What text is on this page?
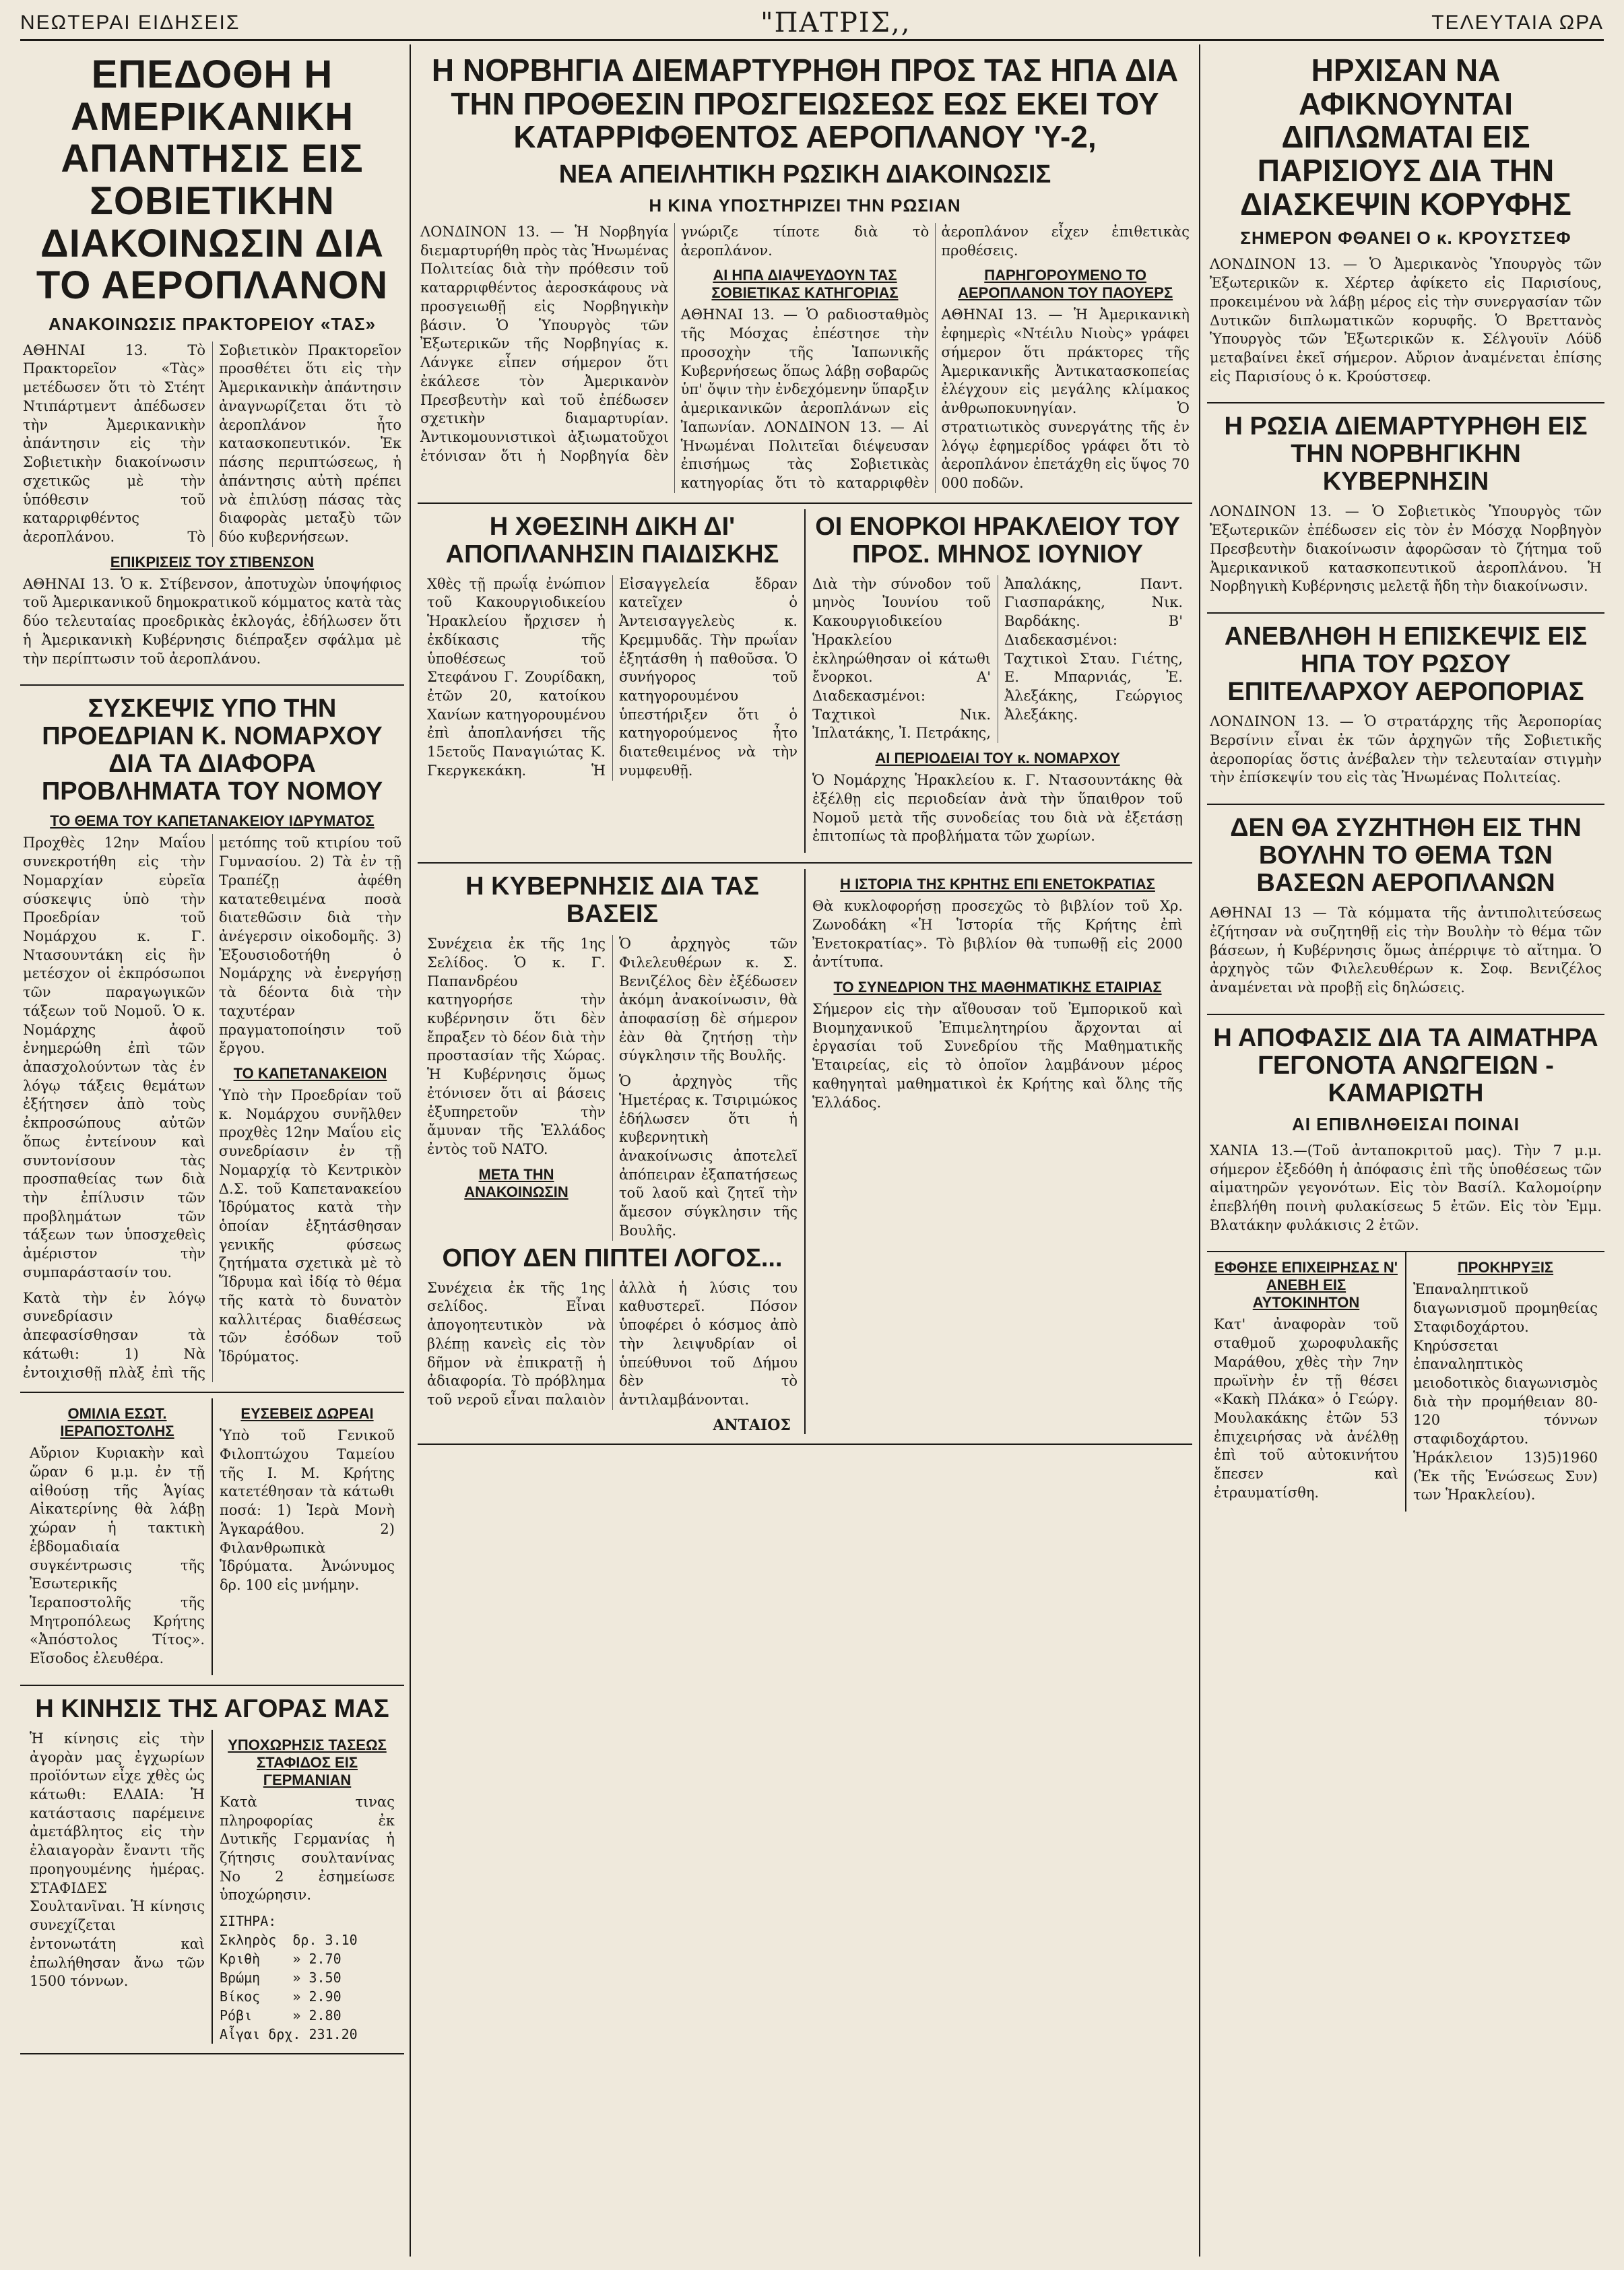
ΝΕΩΤΕΡΑΙ ΕΙΔΗΣΕΙΣ	"ΠΑΤΡΙΣ,,	ΤΕΛΕΥΤΑΙΑ ΩΡΑ
ΕΠΕΔΟΘΗ Η ΑΜΕΡΙΚΑΝΙΚΗ ΑΠΑΝΤΗΣΙΣ ΕΙΣ ΣΟΒΙΕΤΙΚΗΝ ΔΙΑΚΟΙΝΩΣΙΝ ΔΙΑ ΤΟ ΑΕΡΟΠΛΑΝΟΝ
ΑΝΑΚΟΙΝΩΣΙΣ ΠΡΑΚΤΟΡΕΙΟΥ «ΤΑΣ»

ΑΘΗΝΑΙ 13. Τὸ Πρακτορεῖον «Τὰς» μετέδωσεν ὅτι τὸ Στέητ Ντιπάρτμεντ ἀπέδωσεν τὴν Ἀμερικανικὴν ἀπάντησιν εἰς τὴν Σοβιετικὴν διακοίνωσιν σχετικῶς μὲ τὴν ὑπόθεσιν τοῦ καταρριφθέντος ἀεροπλάνου. Τὸ Σοβιετικὸν Πρακτορεῖον προσθέτει ὅτι εἰς τὴν Ἀμερικανικὴν ἀπάντησιν ἀναγνωρίζεται ὅτι τὸ ἀεροπλάνον ἦτο κατασκοπευτικόν. Ἐκ πάσης περιπτώσεως, ἡ ἀπάντησις αὐτὴ πρέπει νὰ ἐπιλύσῃ πάσας τὰς διαφορὰς μεταξὺ τῶν δύο κυβερνήσεων.

ΕΠΙΚΡΙΣΕΙΣ ΤΟΥ ΣΤΙΒΕΝΣΟΝ

ΑΘΗΝΑΙ 13. Ὁ κ. Στίβενσον, ἀποτυχὼν ὑποψήφιος τοῦ Ἀμερικανικοῦ δημοκρατικοῦ κόμματος κατὰ τὰς δύο τελευταίας προεδρικὰς ἐκλογάς, ἐδήλωσεν ὅτι ἡ Ἀμερικανικὴ Κυβέρνησις διέπραξεν σφάλμα μὲ τὴν περίπτωσιν τοῦ ἀεροπλάνου.

ΣΥΣΚΕΨΙΣ ΥΠΟ ΤΗΝ ΠΡΟΕΔΡΙΑΝ Κ. ΝΟΜΑΡΧΟΥ ΔΙΑ ΤΑ ΔΙΑΦΟΡΑ ΠΡΟΒΛΗΜΑΤΑ ΤΟΥ ΝΟΜΟΥ
ΤΟ ΘΕΜΑ ΤΟΥ ΚΑΠΕΤΑΝΑΚΕΙΟΥ ΙΔΡΥΜΑΤΟΣ

Προχθὲς 12ην Μαΐου συνεκροτήθη εἰς τὴν Νομαρχίαν εὐρεῖα σύσκεψις ὑπὸ τὴν Προεδρίαν τοῦ Νομάρχου κ. Γ. Ντασουντάκη εἰς ἣν μετέσχον οἱ ἐκπρόσωποι τῶν παραγωγικῶν τάξεων τοῦ Νομοῦ. Ὁ κ. Νομάρχης ἀφοῦ ἐνημερώθη ἐπὶ τῶν ἀπασχολούντων τὰς ἐν λόγῳ τάξεις θεμάτων ἐξήτησεν ἀπὸ τοὺς ἐκπροσώπους αὐτῶν ὅπως ἐντείνουν καὶ συντονίσουν τὰς προσπαθείας των διὰ τὴν ἐπίλυσιν τῶν προβλημάτων τῶν τάξεων των ὑποσχεθεὶς ἀμέριστον τὴν συμπαράστασίν του.

Κατὰ τὴν ἐν λόγῳ συνεδρίασιν ἀπεφασίσθησαν τὰ κάτωθι: 1) Νὰ ἐντοιχισθῇ πλὰξ ἐπὶ τῆς μετόπης τοῦ κτιρίου τοῦ Γυμνασίου. 2) Τὰ ἐν τῇ Τραπέζῃ ἀφέθη κατατεθειμένα ποσὰ διατεθῶσιν διὰ τὴν ἀνέγερσιν οἰκοδομῆς. 3) Ἐξουσιοδοτήθη ὁ Νομάρχης νὰ ἐνεργήσῃ τὰ δέοντα διὰ τὴν ταχυτέραν πραγματοποίησιν τοῦ ἔργου.

ΤΟ ΚΑΠΕΤΑΝΑΚΕΙΟΝ

Ὑπὸ τὴν Προεδρίαν τοῦ κ. Νομάρχου συνῆλθεν προχθὲς 12ην Μαΐου εἰς συνεδρίασιν ἐν τῇ Νομαρχίᾳ τὸ Κεντρικὸν Δ.Σ. τοῦ Καπετανακείου Ἱδρύματος κατὰ τὴν ὁποίαν ἐξητάσθησαν γενικῆς φύσεως ζητήματα σχετικὰ μὲ τὸ Ἵδρυμα καὶ ἰδίᾳ τὸ θέμα τῆς κατὰ τὸ δυνατὸν καλλιτέρας διαθέσεως τῶν ἐσόδων τοῦ Ἱδρύματος.

ΟΜΙΛΙΑ ΕΣΩΤ. ΙΕΡΑΠΟΣΤΟΛΗΣ

Αὔριον Κυριακὴν καὶ ὥραν 6 μ.μ. ἐν τῇ αἰθούσῃ τῆς Ἁγίας Αἰκατερίνης θὰ λάβῃ χώραν ἡ τακτικὴ ἑβδομαδιαία συγκέντρωσις τῆς Ἐσωτερικῆς Ἱεραποστολῆς τῆς Μητροπόλεως Κρήτης «Ἀπόστολος Τίτος». Εἴσοδος ἐλευθέρα.

ΕΥΣΕΒΕΙΣ ΔΩΡΕΑΙ

Ὑπὸ τοῦ Γενικοῦ Φιλοπτώχου Ταμείου τῆς Ι. Μ. Κρήτης κατετέθησαν τὰ κάτωθι ποσά: 1) Ἱερὰ Μονὴ Ἁγκαράθου. 2) Φιλανθρωπικὰ Ἱδρύματα. Ἀνώνυμος δρ. 100 εἰς μνήμην.

Η ΚΙΝΗΣΙΣ ΤΗΣ ΑΓΟΡΑΣ ΜΑΣ

Ἡ κίνησις εἰς τὴν ἀγορὰν μας ἐγχωρίων προϊόντων εἶχε χθὲς ὡς κάτωθι: ΕΛΑΙΑ: Ἡ κατάστασις παρέμεινε ἀμετάβλητος εἰς τὴν ἐλαιαγορὰν ἔναντι τῆς προηγουμένης ἡμέρας. ΣΤΑΦΙΔΕΣ Σουλτανῖναι. Ἡ κίνησις συνεχίζεται ἐντονωτάτη καὶ ἐπωλήθησαν ἄνω τῶν 1500 τόννων.

ΥΠΟΧΩΡΗΣΙΣ ΤΑΣΕΩΣ ΣΤΑΦΙΔΟΣ ΕΙΣ ΓΕΡΜΑΝΙΑΝ

Κατὰ τινας πληροφορίας ἐκ Δυτικῆς Γερμανίας ἡ ζήτησις σουλτανίνας Νο 2 ἐσημείωσε ὑποχώρησιν.

ΣΙΤΗΡΑ:
Σκληρὸς  δρ. 3.10
Κριθὴ    » 2.70
Βρώμη    » 3.50
Βίκος    » 2.90
Ρόβι     » 2.80
Αἶγαι δρχ. 231.20
Η ΝΟΡΒΗΓΙΑ ΔΙΕΜΑΡΤΥΡΗΘΗ ΠΡΟΣ ΤΑΣ ΗΠΑ ΔΙΑ ΤΗΝ ΠΡΟΘΕΣΙΝ ΠΡΟΣΓΕΙΩΣΕΩΣ ΕΩΣ ΕΚΕΙ ΤΟΥ ΚΑΤΑΡΡΙΦΘΕΝΤΟΣ ΑΕΡΟΠΛΑΝΟΥ 'Υ-2,
ΝΕΑ ΑΠΕΙΛΗΤΙΚΗ ΡΩΣΙΚΗ ΔΙΑΚΟΙΝΩΣΙΣ
Η ΚΙΝΑ ΥΠΟΣΤΗΡΙΖΕΙ ΤΗΝ ΡΩΣΙΑΝ

ΛΟΝΔΙΝΟΝ 13. — Ἡ Νορβηγία διεμαρτυρήθη πρὸς τὰς Ἡνωμένας Πολιτείας διὰ τὴν πρόθεσιν τοῦ καταρριφθέντος ἀεροσκάφους νὰ προσγειωθῇ εἰς Νορβηγικὴν βάσιν. Ὁ Ὑπουργὸς τῶν Ἐξωτερικῶν τῆς Νορβηγίας κ. Λάνγκε εἶπεν σήμερον ὅτι ἐκάλεσε τὸν Ἀμερικανὸν Πρεσβευτὴν καὶ τοῦ ἐπέδωσεν σχετικὴν διαμαρτυρίαν. Ἀντικομουνιστικοὶ ἀξιωματοῦχοι ἐτόνισαν ὅτι ἡ Νορβηγία δὲν γνώριζε τίποτε διὰ τὸ ἀεροπλάνον.

ΑΙ ΗΠΑ ΔΙΑΨΕΥΔΟΥΝ ΤΑΣ ΣΟΒΙΕΤΙΚΑΣ ΚΑΤΗΓΟΡΙΑΣ

ΑΘΗΝΑΙ 13. — Ὁ ραδιοσταθμὸς τῆς Μόσχας ἐπέστησε τὴν προσοχὴν τῆς Ἰαπωνικῆς Κυβερνήσεως ὅπως λάβῃ σοβαρῶς ὑπ' ὄψιν τὴν ἐνδεχόμενην ὕπαρξιν ἀμερικανικῶν ἀεροπλάνων εἰς Ἰαπωνίαν. ΛΟΝΔΙΝΟΝ 13. — Αἱ Ἡνωμέναι Πολιτεῖαι διέψευσαν ἐπισήμως τὰς Σοβιετικὰς κατηγορίας ὅτι τὸ καταρριφθὲν ἀεροπλάνον εἶχεν ἐπιθετικὰς προθέσεις.

ΠΑΡΗΓΟΡΟΥΜΕΝΟ ΤΟ ΑΕΡΟΠΛΑΝΟΝ ΤΟΥ ΠΑΟΥΕΡΣ

ΑΘΗΝΑΙ 13. — Ἡ Ἀμερικανικὴ ἐφημερὶς «Ντέιλυ Νιοὺς» γράφει σήμερον ὅτι πράκτορες τῆς Ἀμερικανικῆς Ἀντικατασκοπείας ἐλέγχουν εἰς μεγάλης κλίμακος ἀνθρωποκυνηγίαν. Ὁ στρατιωτικὸς συνεργάτης τῆς ἐν λόγῳ ἐφημερίδος γράφει ὅτι τὸ ἀεροπλάνον ἐπετάχθη εἰς ὕψος 70 000 ποδῶν.

Η ΧΘΕΣΙΝΗ ΔΙΚΗ ΔΙ' ΑΠΟΠΛΑΝΗΣΙΝ ΠΑΙΔΙΣΚΗΣ

Χθὲς τῇ πρωΐᾳ ἐνώπιον τοῦ Κακουργιοδικείου Ἡρακλείου ἤρχισεν ἡ ἐκδίκασις τῆς ὑποθέσεως τοῦ Στεφάνου Γ. Ζουρίδακη, ἐτῶν 20, κατοίκου Χανίων κατηγορουμένου ἐπὶ ἀποπλανήσει τῆς 15ετοῦς Παναγιώτας Κ. Γκεργκεκάκη. Ἡ Εἰσαγγελεία ἔδραν κατεῖχεν ὁ Ἀντεισαγγελεὺς κ. Κρεμμυδᾶς. Τὴν πρωΐαν ἐξητάσθη ἡ παθοῦσα. Ὁ συνήγορος τοῦ κατηγορουμένου ὑπεστήριξεν ὅτι ὁ κατηγορούμενος ἦτο διατεθειμένος νὰ τὴν νυμφευθῇ.

ΟΙ ΕΝΟΡΚΟΙ ΗΡΑΚΛΕΙΟΥ ΤΟΥ ΠΡΟΣ. ΜΗΝΟΣ ΙΟΥΝΙΟΥ

Διὰ τὴν σύνοδον τοῦ μηνὸς Ἰουνίου τοῦ Κακουργιοδικείου Ἡρακλείου ἐκληρώθησαν οἱ κάτωθι ἔνορκοι. Α' Διαδεκασμένοι: Ταχτικοὶ Νικ. Ἰπλατάκης, Ἰ. Πετράκης, Ἀπαλάκης, Παντ. Γιασπαράκης, Νικ. Βαρδάκης. Β' Διαδεκασμένοι: Ταχτικοὶ Σταυ. Γιέτης, Ε. Μπαρνιάς, Ἐ. Ἀλεξάκης, Γεώργιος Ἀλεξάκης.

ΑΙ ΠΕΡΙΟΔΕΙΑΙ ΤΟΥ κ. ΝΟΜΑΡΧΟΥ

Ὁ Νομάρχης Ἡρακλείου κ. Γ. Ντασουντάκης θὰ ἐξέλθῃ εἰς περιοδείαν ἀνὰ τὴν ὕπαιθρον τοῦ Νομοῦ μετὰ τῆς συνοδείας του διὰ νὰ ἐξετάσῃ ἐπιτοπίως τὰ προβλήματα τῶν χωρίων.

Η ΚΥΒΕΡΝΗΣΙΣ ΔΙΑ ΤΑΣ ΒΑΣΕΙΣ

Συνέχεια ἐκ τῆς 1ης Σελίδος. Ὁ κ. Γ. Παπανδρέου κατηγορήσε τὴν κυβέρνησιν ὅτι δὲν ἔπραξεν τὸ δέον διὰ τὴν προστασίαν τῆς Χώρας. Ἡ Κυβέρνησις ὅμως ἐτόνισεν ὅτι αἱ βάσεις ἐξυπηρετοῦν τὴν ἄμυναν τῆς Ἑλλάδος ἐντὸς τοῦ NATO.

ΜΕΤΑ ΤΗΝ ΑΝΑΚΟΙΝΩΣΙΝ

Ὁ ἀρχηγὸς τῶν Φιλελευθέρων κ. Σ. Βενιζέλος δὲν ἐξέδωσεν ἀκόμη ἀνακοίνωσιν, θὰ ἀποφασίσῃ δὲ σήμερον ἐὰν θὰ ζητήσῃ τὴν σύγκλησιν τῆς Βουλῆς.

Ὁ ἀρχηγὸς τῆς Ἡμετέρας κ. Τσιριμώκος ἐδήλωσεν ὅτι ἡ κυβερνητικὴ ἀνακοίνωσις ἀποτελεῖ ἀπόπειραν ἐξαπατήσεως τοῦ λαοῦ καὶ ζητεῖ τὴν ἄμεσον σύγκλησιν τῆς Βουλῆς.

ΟΠΟΥ ΔΕΝ ΠΙΠΤΕΙ ΛΟΓΟΣ...

Συνέχεια ἐκ τῆς 1ης σελίδος. Εἶναι ἀπογοητευτικὸν νὰ βλέπῃ κανεὶς εἰς τὸν δῆμον νὰ ἐπικρατῇ ἡ ἀδιαφορία. Τὸ πρόβλημα τοῦ νεροῦ εἶναι παλαιὸν ἀλλὰ ἡ λύσις του καθυστερεῖ. Πόσον ὑποφέρει ὁ κόσμος ἀπὸ τὴν λειψυδρίαν οἱ ὑπεύθυνοι τοῦ Δήμου δὲν τὸ ἀντιλαμβάνονται.

ΑΝΤΑΙΟΣ
Η ΙΣΤΟΡΙΑ ΤΗΣ ΚΡΗΤΗΣ ΕΠΙ ΕΝΕΤΟΚΡΑΤΙΑΣ

Θὰ κυκλοφορήσῃ προσεχῶς τὸ βιβλίον τοῦ Χρ. Ζωνοδάκη «Ἡ Ἱστορία τῆς Κρήτης ἐπὶ Ἐνετοκρατίας». Τὸ βιβλίον θὰ τυπωθῇ εἰς 2000 ἀντίτυπα.

ΤΟ ΣΥΝΕΔΡΙΟΝ ΤΗΣ ΜΑΘΗΜΑΤΙΚΗΣ ΕΤΑΙΡΙΑΣ

Σήμερον εἰς τὴν αἴθουσαν τοῦ Ἐμπορικοῦ καὶ Βιομηχανικοῦ Ἐπιμελητηρίου ἄρχονται αἱ ἐργασίαι τοῦ Συνεδρίου τῆς Μαθηματικῆς Ἑταιρείας, εἰς τὸ ὁποῖον λαμβάνουν μέρος καθηγηταὶ μαθηματικοὶ ἐκ Κρήτης καὶ ὅλης τῆς Ἑλλάδος.

ΗΡΧΙΣΑΝ ΝΑ ΑΦΙΚΝΟΥΝΤΑΙ ΔΙΠΛΩΜΑΤΑΙ ΕΙΣ ΠΑΡΙΣΙΟΥΣ ΔΙΑ ΤΗΝ ΔΙΑΣΚΕΨΙΝ ΚΟΡΥΦΗΣ
ΣΗΜΕΡΟΝ ΦΘΑΝΕΙ Ο κ. ΚΡΟΥΣΤΣΕΦ

ΛΟΝΔΙΝΟΝ 13. — Ὁ Ἀμερικανὸς Ὑπουργὸς τῶν Ἐξωτερικῶν κ. Χέρτερ ἀφίκετο εἰς Παρισίους, προκειμένου νὰ λάβῃ μέρος εἰς τὴν συνεργασίαν τῶν Δυτικῶν διπλωματικῶν κορυφῆς. Ὁ Βρεττανὸς Ὑπουργὸς τῶν Ἐξωτερικῶν κ. Σέλγουϊν Λόϋδ μεταβαίνει ἐκεῖ σήμερον. Αὔριον ἀναμένεται ἐπίσης εἰς Παρισίους ὁ κ. Κρούστσεφ.

Η ΡΩΣΙΑ ΔΙΕΜΑΡΤΥΡΗΘΗ ΕΙΣ ΤΗΝ ΝΟΡΒΗΓΙΚΗΝ ΚΥΒΕΡΝΗΣΙΝ

ΛΟΝΔΙΝΟΝ 13. — Ὁ Σοβιετικὸς Ὑπουργὸς τῶν Ἐξωτερικῶν ἐπέδωσεν εἰς τὸν ἐν Μόσχᾳ Νορβηγὸν Πρεσβευτὴν διακοίνωσιν ἀφορῶσαν τὸ ζήτημα τοῦ Ἀμερικανικοῦ κατασκοπευτικοῦ ἀεροπλάνου. Ἡ Νορβηγικὴ Κυβέρνησις μελετᾷ ἤδη τὴν διακοίνωσιν.

ΑΝΕΒΛΗΘΗ Η ΕΠΙΣΚΕΨΙΣ ΕΙΣ ΗΠΑ ΤΟΥ ΡΩΣΟΥ ΕΠΙΤΕΛΑΡΧΟΥ ΑΕΡΟΠΟΡΙΑΣ

ΛΟΝΔΙΝΟΝ 13. — Ὁ στρατάρχης τῆς Ἀεροπορίας Βερσίνιν εἶναι ἐκ τῶν ἀρχηγῶν τῆς Σοβιετικῆς ἀεροπορίας ὅστις ἀνέβαλεν τὴν τελευταίαν στιγμὴν τὴν ἐπίσκεψίν του εἰς τὰς Ἡνωμένας Πολιτείας.

ΔΕΝ ΘΑ ΣΥΖΗΤΗΘΗ ΕΙΣ ΤΗΝ ΒΟΥΛΗΝ ΤΟ ΘΕΜΑ ΤΩΝ ΒΑΣΕΩΝ ΑΕΡΟΠΛΑΝΩΝ

ΑΘΗΝΑΙ 13 — Τὰ κόμματα τῆς ἀντιπολιτεύσεως ἐζήτησαν νὰ συζητηθῇ εἰς τὴν Βουλὴν τὸ θέμα τῶν βάσεων, ἡ Κυβέρνησις ὅμως ἀπέρριψε τὸ αἴτημα. Ὁ ἀρχηγὸς τῶν Φιλελευθέρων κ. Σοφ. Βενιζέλος ἀναμένεται νὰ προβῇ εἰς δηλώσεις.

Η ΑΠΟΦΑΣΙΣ ΔΙΑ ΤΑ ΑΙΜΑΤΗΡΑ ΓΕΓΟΝΟΤΑ ΑΝΩΓΕΙΩΝ - ΚΑΜΑΡΙΩΤΗ
ΑΙ ΕΠΙΒΛΗΘΕΙΣΑΙ ΠΟΙΝΑΙ

ΧΑΝΙΑ 13.—(Τοῦ ἀνταποκριτοῦ μας). Τὴν 7 μ.μ. σήμερον ἐξεδόθη ἡ ἀπόφασις ἐπὶ τῆς ὑποθέσεως τῶν αἱματηρῶν γεγονότων. Εἰς τὸν Βασίλ. Καλομοίρην ἐπεβλήθη ποινὴ φυλακίσεως 5 ἐτῶν. Εἰς τὸν Ἐμμ. Βλατάκην φυλάκισις 2 ἐτῶν.

ΕΦΘΗΣΕ ΕΠΙΧΕΙΡΗΣΑΣ Ν' ΑΝΕΒΗ ΕΙΣ ΑΥΤΟΚΙΝΗΤΟΝ

Κατ' ἀναφορὰν τοῦ σταθμοῦ χωροφυλακῆς Μαράθου, χθὲς τὴν 7ην πρωϊνὴν ἐν τῇ θέσει «Κακὴ Πλάκα» ὁ Γεώργ. Μουλακάκης ἐτῶν 53 ἐπιχειρήσας νὰ ἀνέλθῃ ἐπὶ τοῦ αὐτοκινήτου ἔπεσεν καὶ ἐτραυματίσθη.

ΠΡΟΚΗΡΥΞΙΣ

Ἐπαναληπτικοῦ διαγωνισμοῦ προμηθείας Σταφιδοχάρτου. Κηρύσσεται ἐπαναληπτικὸς μειοδοτικὸς διαγωνισμὸς διὰ τὴν προμήθειαν 80-120 τόννων σταφιδοχάρτου. Ἡράκλειον 13)5)1960 (Ἐκ τῆς Ἑνώσεως Συν) των Ἡρακλείου).
